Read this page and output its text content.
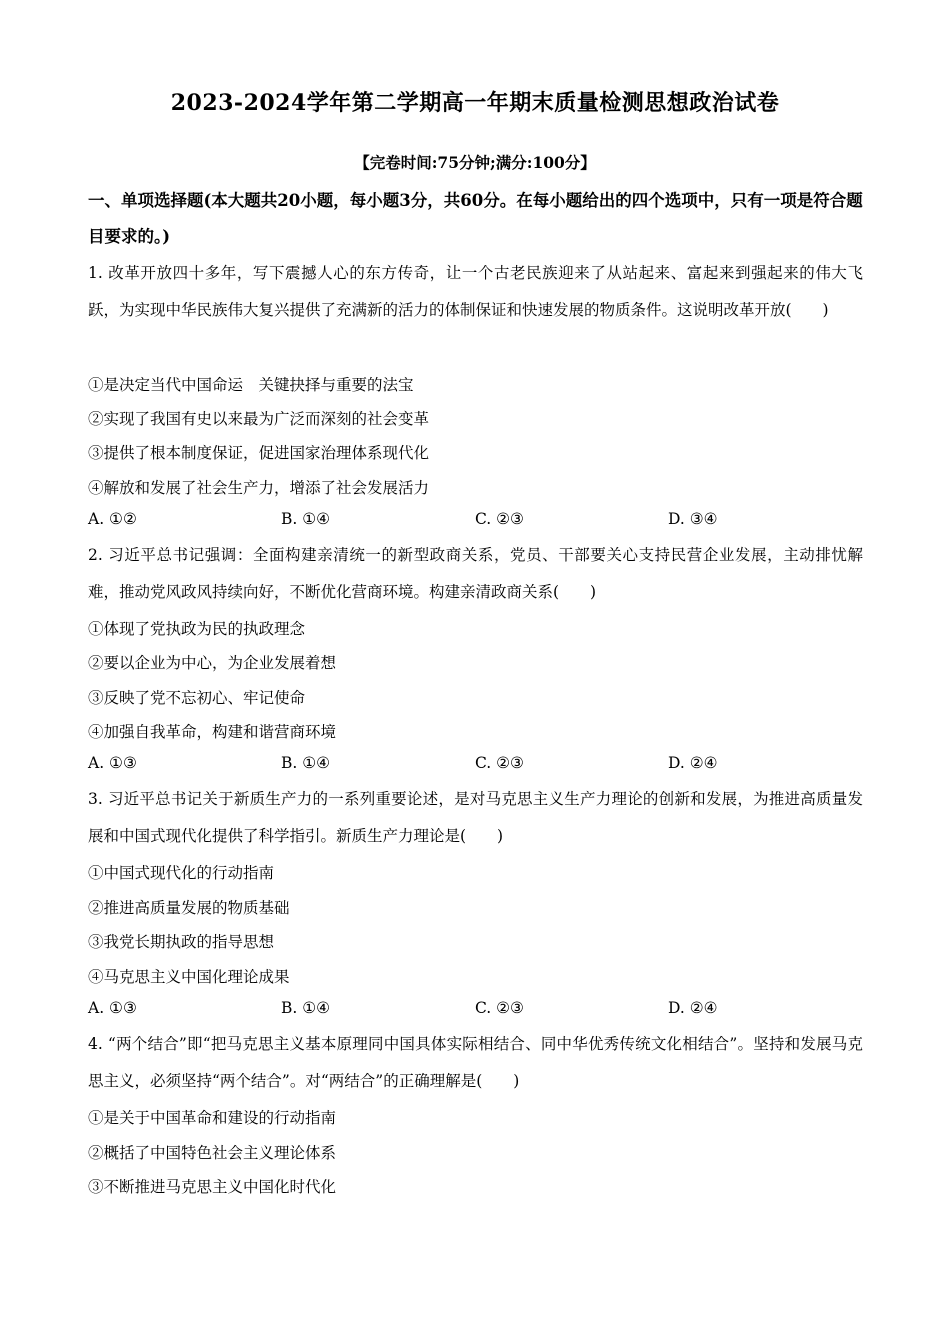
2023-2024学年第二学期高一年期末质量检测思想政治试卷
【完卷时间:75分钟;满分:100分】
一、单项选择题(本大题共20小题，每小题3分，共60分。在每小题给出的四个选项中，只有一项是符合题目要求的。)
1. 改革开放四十多年，写下震撼人心的东方传奇，让一个古老民族迎来了从站起来、富起来到强起来的伟大飞跃，为实现中华民族伟大复兴提供了充满新的活力的体制保证和快速发展的物质条件。这说明改革开放(　　)
①是决定当代中国命运　关键抉择与重要的法宝
②实现了我国有史以来最为广泛而深刻的社会变革
③提供了根本制度保证，促进国家治理体系现代化
④解放和发展了社会生产力，增添了社会发展活力
A. ①②	B. ①④	C. ②③	D. ③④
2. 习近平总书记强调：全面构建亲清统一的新型政商关系，党员、干部要关心支持民营企业发展，主动排忧解难，推动党风政风持续向好，不断优化营商环境。构建亲清政商关系(　　)
①体现了党执政为民的执政理念
②要以企业为中心，为企业发展着想
③反映了党不忘初心、牢记使命
④加强自我革命，构建和谐营商环境
A. ①③	B. ①④	C. ②③	D. ②④
3. 习近平总书记关于新质生产力的一系列重要论述，是对马克思主义生产力理论的创新和发展，为推进高质量发展和中国式现代化提供了科学指引。新质生产力理论是(　　)
①中国式现代化的行动指南
②推进高质量发展的物质基础
③我党长期执政的指导思想
④马克思主义中国化理论成果
A. ①③	B. ①④	C. ②③	D. ②④
4. “两个结合”即“把马克思主义基本原理同中国具体实际相结合、同中华优秀传统文化相结合”。坚持和发展马克思主义，必须坚持“两个结合”。对“两结合”的正确理解是(　　)
①是关于中国革命和建设的行动指南
②概括了中国特色社会主义理论体系
③不断推进马克思主义中国化时代化
